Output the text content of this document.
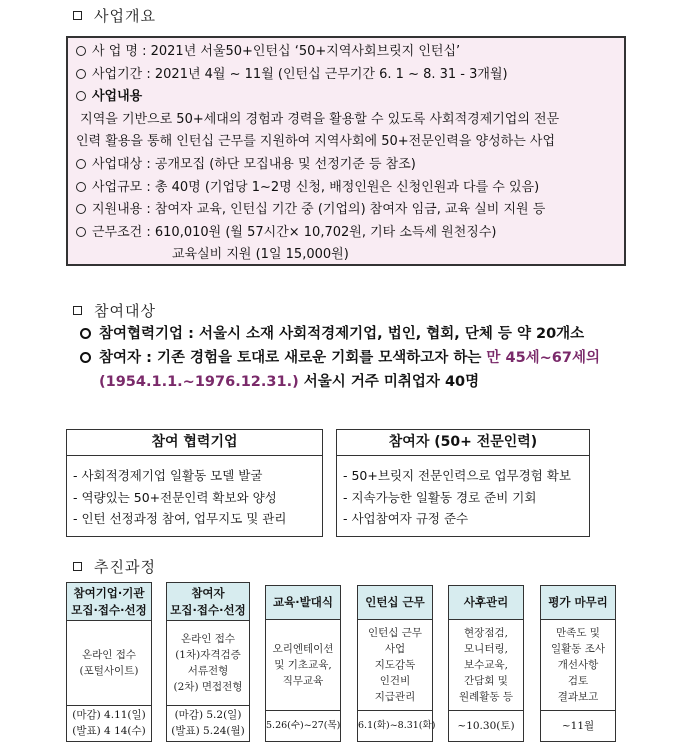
사업개요
사 업 명 : 2021년 서울50+인턴십 ‘50+지역사회브릿지 인턴십’
사업기간 : 2021년 4월 ~ 11월 (인턴십 근무기간 6. 1 ~ 8. 31 - 3개월)
사업내용
지역을 기반으로 50+세대의 경험과 경력을 활용할 수 있도록 사회적경제기업의 전문
인력 활용을 통해 인턴십 근무를 지원하여 지역사회에 50+전문인력을 양성하는 사업
사업대상 : 공개모집 (하단 모집내용 및 선정기준 등 참조)
사업규모 : 총 40명 (기업당 1~2명 신청, 배정인원은 신청인원과 다를 수 있음)
지원내용 : 참여자 교육, 인턴십 기간 중 (기업의) 참여자 임금, 교육 실비 지원 등
근무조건 : 610,010원 (월 57시간× 10,702원, 기타 소득세 원천징수)
교육실비 지원 (1일 15,000원)
참여대상
참여협력기업 : 서울시 소재 사회적경제기업, 법인, 협회, 단체 등 약 20개소
참여자 : 기존 경험을 토대로 새로운 기회를 모색하고자 하는 만 45세~67세의
(1954.1.1.~1976.12.31.) 서울시 거주 미취업자 40명
참여 협력기업
- 사회적경제기업 일활동 모델 발굴
- 역량있는 50+전문인력 확보와 양성
- 인턴 선정과정 참여, 업무지도 및 관리
참여자 (50+ 전문인력)
- 50+브릿지 전문인력으로 업무경험 확보
- 지속가능한 일활동 경로 준비 기회
- 사업참여자 규정 준수
추진과정
참여기업·기관
모집·접수·선정
온라인 접수
(포털사이트)
(마감) 4.11(일)
(발표) 4 14(수)
참여자
모집·접수·선정
온라인 접수
(1차)자격검증
서류전형
(2차) 면접전형
(마감) 5.2(일)
(발표) 5.24(월)
교육·발대식
오리엔테이션
및 기초교육,
직무교육
5.26(수)~27(목)
인턴십 근무
인턴십 근무
사업
지도감독
인건비
지급관리
6.1(화)~8.31(화)
사후관리
현장점검,
모니터링,
보수교육,
간담회 및
원례활동 등
~10.30(토)
평가 마무리
만족도 및
일활동 조사
개선사항
검토
결과보고
~11월
